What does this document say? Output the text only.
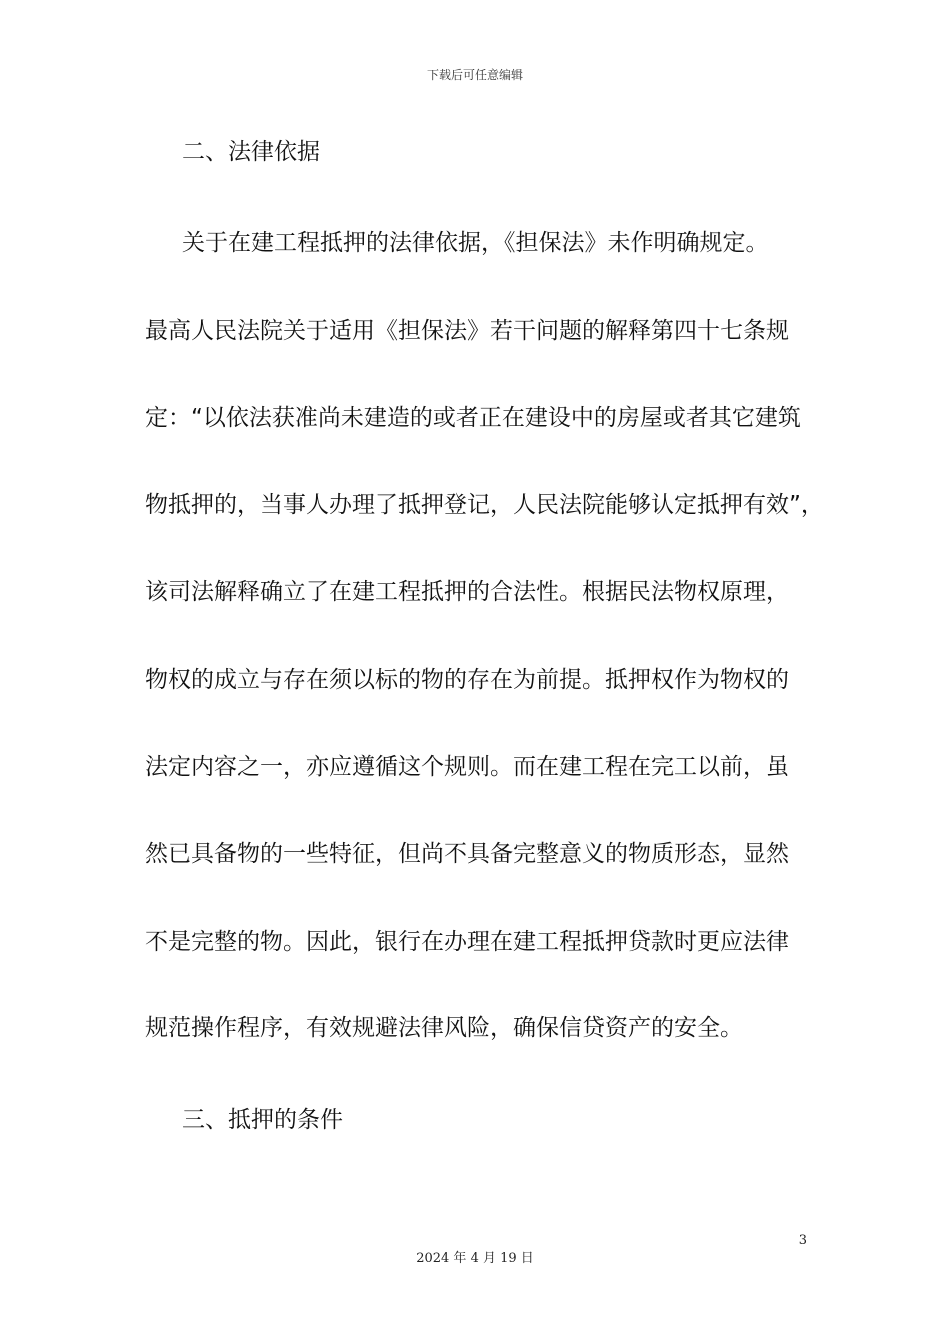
下载后可任意编辑
二、法律依据
关于在建工程抵押的法律依据，《担保法》未作明确规定。
最高人民法院关于适用《担保法》若干问题的解释第四十七条规
定：“以依法获准尚未建造的或者正在建设中的房屋或者其它建筑
物抵押的，当事人办理了抵押登记，人民法院能够认定抵押有效”，
该司法解释确立了在建工程抵押的合法性。根据民法物权原理，
物权的成立与存在须以标的物的存在为前提。抵押权作为物权的
法定内容之一，亦应遵循这个规则。而在建工程在完工以前，虽
然已具备物的一些特征，但尚不具备完整意义的物质形态，显然
不是完整的物。因此，银行在办理在建工程抵押贷款时更应法律
规范操作程序，有效规避法律风险，确保信贷资产的安全。
三、抵押的条件
3
2024 年 4 月 19 日
